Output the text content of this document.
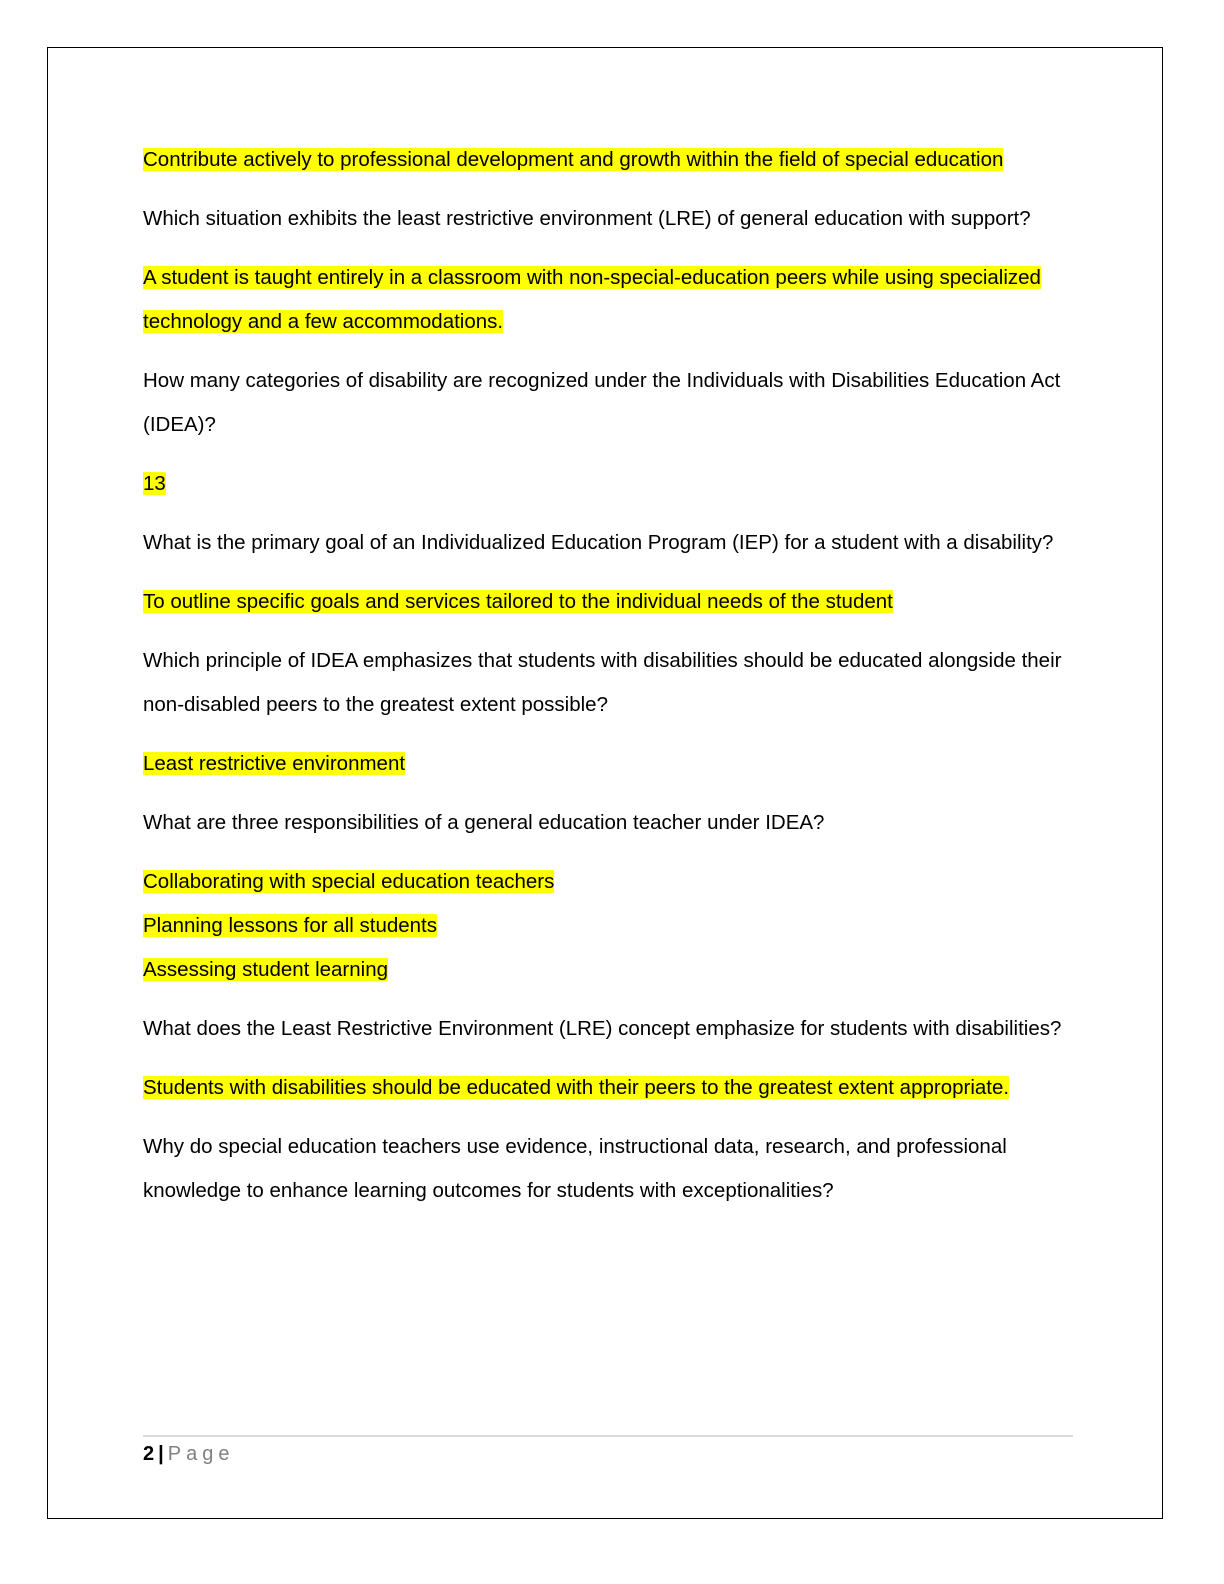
Contribute actively to professional development and growth within the field of special education

Which situation exhibits the least restrictive environment (LRE) of general education with support?

A student is taught entirely in a classroom with non-special-education peers while using specialized technology and a few accommodations.

How many categories of disability are recognized under the Individuals with Disabilities Education Act (IDEA)?

13

What is the primary goal of an Individualized Education Program (IEP) for a student with a disability?

To outline specific goals and services tailored to the individual needs of the student

Which principle of IDEA emphasizes that students with disabilities should be educated alongside their non-disabled peers to the greatest extent possible?

Least restrictive environment

What are three responsibilities of a general education teacher under IDEA?

Collaborating with special education teachers

Planning lessons for all students

Assessing student learning

What does the Least Restrictive Environment (LRE) concept emphasize for students with disabilities?

Students with disabilities should be educated with their peers to the greatest extent appropriate.

Why do special education teachers use evidence, instructional data, research, and professional knowledge to enhance learning outcomes for students with exceptionalities?

2 | Page
